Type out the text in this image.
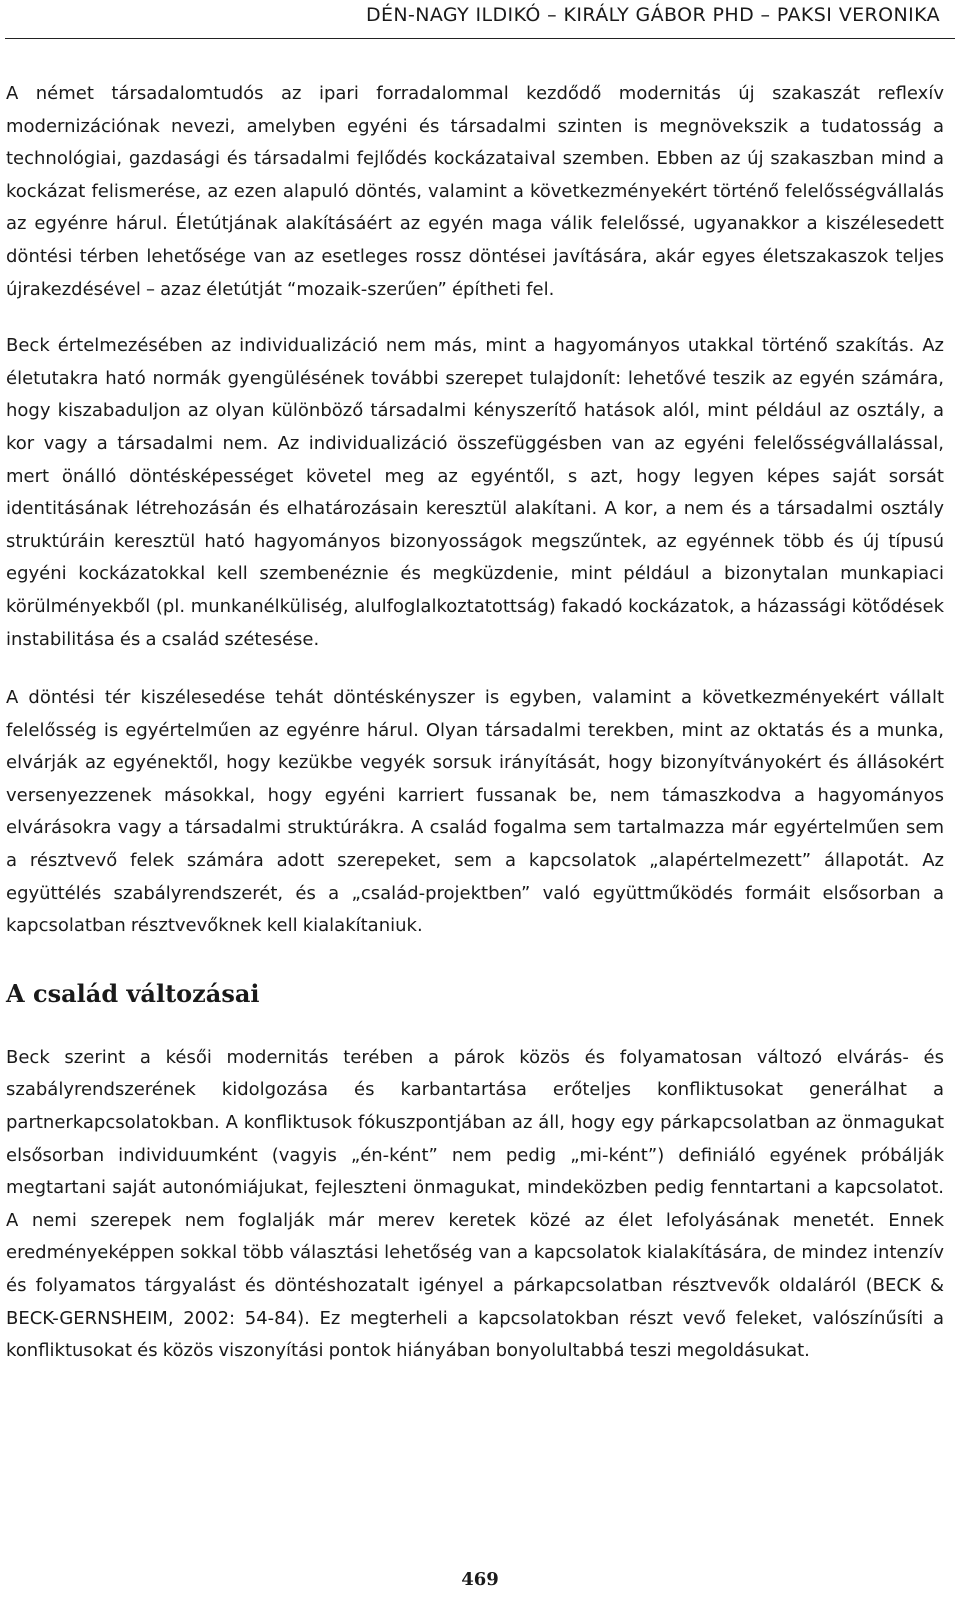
DÉN-NAGY ILDIKÓ – KIRÁLY GÁBOR PHD – PAKSI VERONIKA

A német társadalomtudós az ipari forradalommal kezdődő modernitás új szakaszát reflexív modernizációnak nevezi, amelyben egyéni és társadalmi szinten is megnövekszik a tudatosság a technológiai, gazdasági és társadalmi fejlődés kockázataival szemben. Ebben az új szakaszban mind a kockázat felismerése, az ezen alapuló döntés, valamint a következményekért történő felelősségvállalás az egyénre hárul. Életútjának alakításáért az egyén maga válik felelőssé, ugyanakkor a kiszélesedett döntési térben lehetősége van az esetleges rossz döntései javítására, akár egyes életszakaszok teljes újrakezdésével – azaz életútját “mozaik-szerűen” építheti fel.

Beck értelmezésében az individualizáció nem más, mint a hagyományos utakkal történő szakítás. Az életutakra ható normák gyengülésének további szerepet tulajdonít: lehetővé teszik az egyén számára, hogy kiszabaduljon az olyan különböző társadalmi kényszerítő hatások alól, mint például az osztály, a kor vagy a társadalmi nem. Az individualizáció összefüggésben van az egyéni felelősségvállalással, mert önálló döntésképességet követel meg az egyéntől, s azt, hogy legyen képes saját sorsát identitásának létrehozásán és elhatározásain keresztül alakítani. A kor, a nem és a társadalmi osztály struktúráin keresztül ható hagyományos bizonyosságok megszűntek, az egyénnek több és új típusú egyéni kockázatokkal kell szembenéznie és megküzdenie, mint például a bizonytalan munkapiaci körülményekből (pl. munkanélküliség, alulfoglalkoztatottság) fakadó kockázatok, a házassági kötődések instabilitása és a család szétesése.

A döntési tér kiszélesedése tehát döntéskényszer is egyben, valamint a következményekért vállalt felelősség is egyértelműen az egyénre hárul. Olyan társadalmi terekben, mint az oktatás és a munka, elvárják az egyénektől, hogy kezükbe vegyék sorsuk irányítását, hogy bizonyítványokért és állásokért versenyezzenek másokkal, hogy egyéni karriert fussanak be, nem támaszkodva a hagyományos elvárásokra vagy a társadalmi struktúrákra. A család fogalma sem tartalmazza már egyértelműen sem a résztvevő felek számára adott szerepeket, sem a kapcsolatok „alapértelmezett” állapotát. Az együttélés szabályrendszerét, és a „család-projektben” való együttműködés formáit elsősorban a kapcsolatban résztvevőknek kell kialakítaniuk.

A család változásai

Beck szerint a késői modernitás terében a párok közös és folyamatosan változó elvárás- és szabályrendszerének kidolgozása és karbantartása erőteljes konfliktusokat generálhat a partnerkapcsolatokban. A konfliktusok fókuszpontjában az áll, hogy egy párkapcsolatban az önmagukat elsősorban individuumként (vagyis „én-ként” nem pedig „mi-ként”) definiáló egyének próbálják megtartani saját autonómiájukat, fejleszteni önmagukat, mindeközben pedig fenntartani a kapcsolatot. A nemi szerepek nem foglalják már merev keretek közé az élet lefolyásának menetét. Ennek eredményeképpen sokkal több választási lehetőség van a kapcsolatok kialakítására, de mindez intenzív és folyamatos tárgyalást és döntéshozatalt igényel a párkapcsolatban résztvevők oldaláról (BECK & BECK-GERNSHEIM, 2002: 54-84). Ez megterheli a kapcsolatokban részt vevő feleket, valószínűsíti a konfliktusokat és közös viszonyítási pontok hiányában bonyolultabbá teszi megoldásukat.

469
